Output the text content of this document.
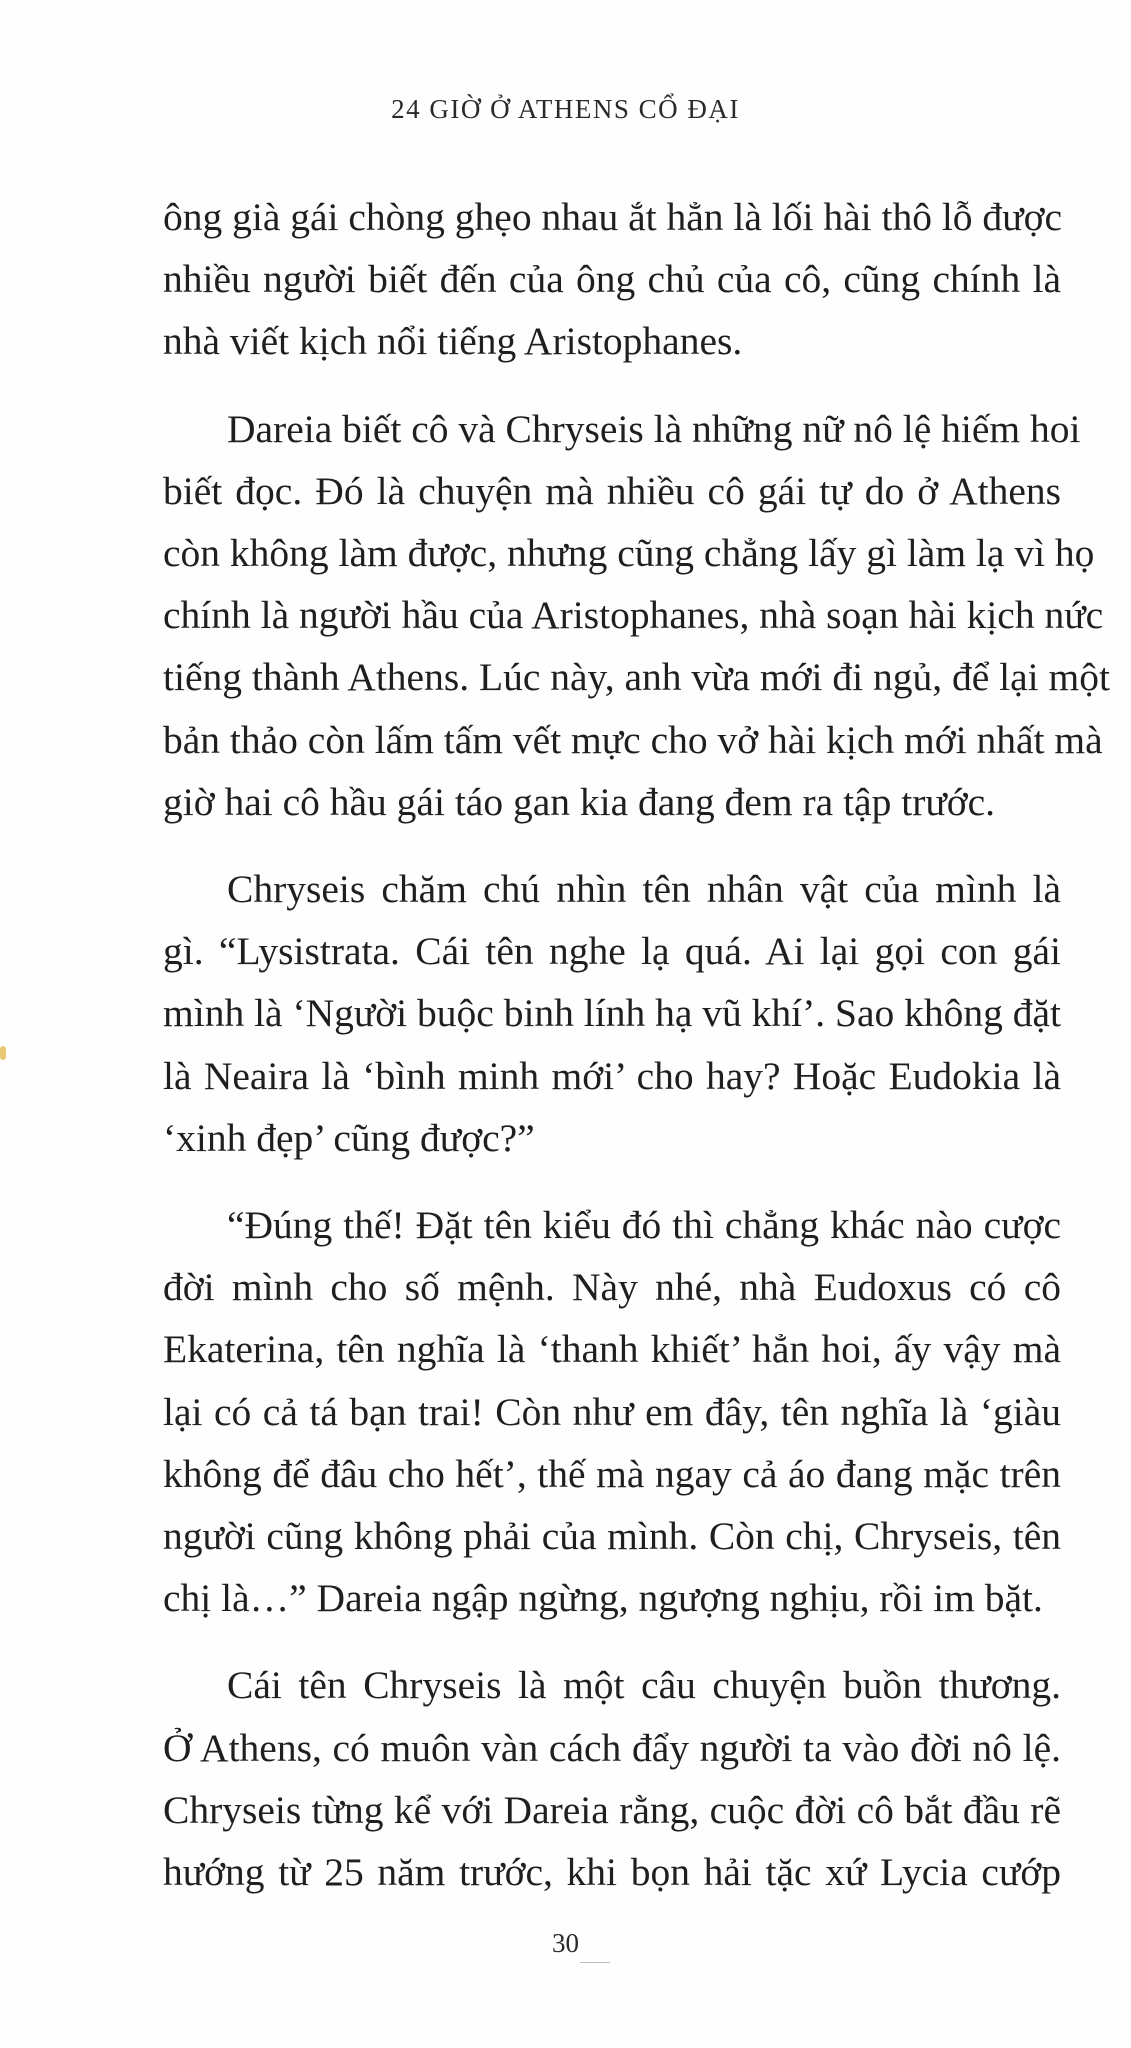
24 GIỜ Ở ATHENS CỔ ĐẠI

ông già gái chòng ghẹo nhau ắt hẳn là lối hài thô lỗ được
nhiều người biết đến của ông chủ của cô, cũng chính là
nhà viết kịch nổi tiếng Aristophanes.

Dareia biết cô và Chryseis là những nữ nô lệ hiếm hoi
biết đọc. Đó là chuyện mà nhiều cô gái tự do ở Athens
còn không làm được, nhưng cũng chẳng lấy gì làm lạ vì họ
chính là người hầu của Aristophanes, nhà soạn hài kịch nức
tiếng thành Athens. Lúc này, anh vừa mới đi ngủ, để lại một
bản thảo còn lấm tấm vết mực cho vở hài kịch mới nhất mà
giờ hai cô hầu gái táo gan kia đang đem ra tập trước.

Chryseis chăm chú nhìn tên nhân vật của mình là
gì. “Lysistrata. Cái tên nghe lạ quá. Ai lại gọi con gái
mình là ‘Người buộc binh lính hạ vũ khí’. Sao không đặt
là Neaira là ‘bình minh mới’ cho hay? Hoặc Eudokia là
‘xinh đẹp’ cũng được?”

“Đúng thế! Đặt tên kiểu đó thì chẳng khác nào cược
đời mình cho số mệnh. Này nhé, nhà Eudoxus có cô
Ekaterina, tên nghĩa là ‘thanh khiết’ hẳn hoi, ấy vậy mà
lại có cả tá bạn trai! Còn như em đây, tên nghĩa là ‘giàu
không để đâu cho hết’, thế mà ngay cả áo đang mặc trên
người cũng không phải của mình. Còn chị, Chryseis, tên
chị là…” Dareia ngập ngừng, ngượng nghịu, rồi im bặt.

Cái tên Chryseis là một câu chuyện buồn thương.
Ở Athens, có muôn vàn cách đẩy người ta vào đời nô lệ.
Chryseis từng kể với Dareia rằng, cuộc đời cô bắt đầu rẽ
hướng từ 25 năm trước, khi bọn hải tặc xứ Lycia cướp

30
